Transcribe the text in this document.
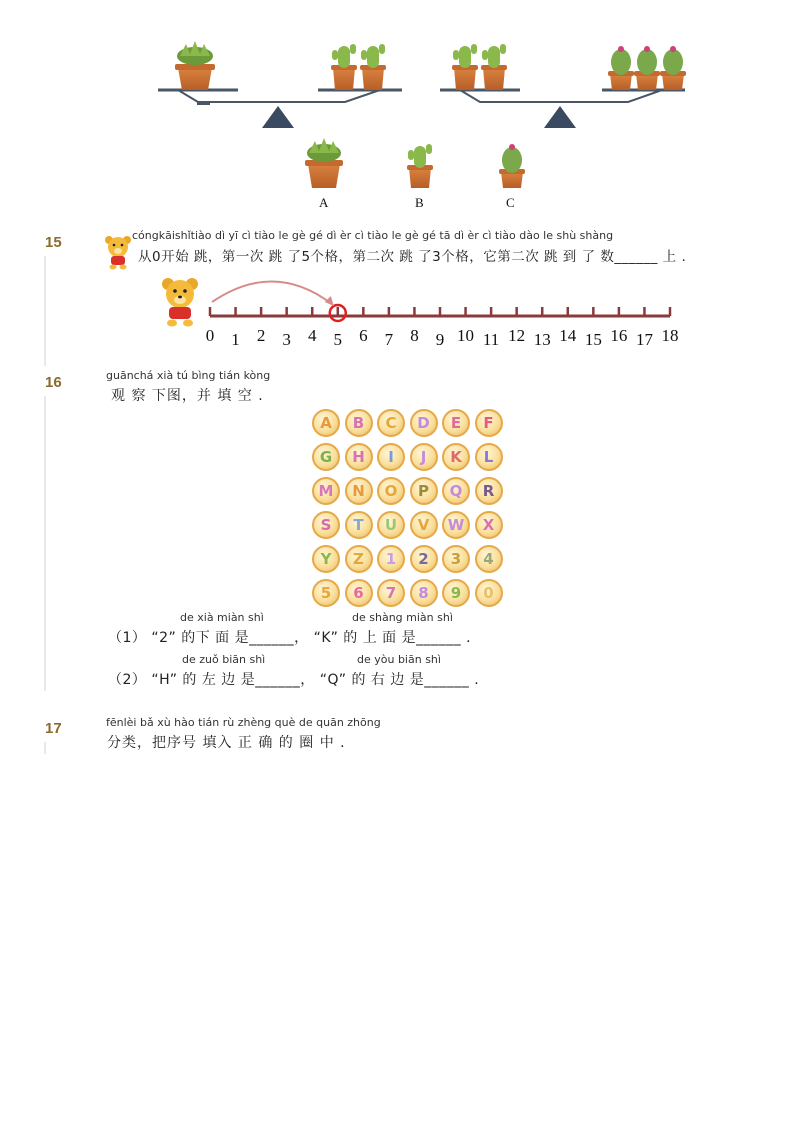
A	B	C
15	cóngkāishǐtiào dì yī cì tiào le gè gé dì èr cì tiào le gè gé tā dì èr cì tiào dào le shù shàng
从0开始 跳，第一次 跳 了5个格，第二次 跳 了3个格，它第二次 跳 到 了 数______ 上 .
0 1 2 3 4 5 6 7 8 9 10 11 12 13 14 15 16 17 18
16	guānchá xià tú bìng tián kòng
观 察 下图，并 填 空 .
A	B	C	D	E	F
G	H	I	J	K	L
M	N	O	P	Q	R
S	T	U	V	W	X
Y	Z	1	2	3	4
5	6	7	8	9	0
de xià miàn shì	de shàng miàn shì
（1） “2” 的下 面 是______， “K” 的 上 面 是______ .
de zuǒ biān shì	de yòu biān shì
（2） “H” 的 左 边 是______， “Q” 的 右 边 是______ .
17	fēnlèi bǎ xù hào tián rù zhèng què de quān zhōng
分类，把序号 填入 正 确 的 圈 中 .
